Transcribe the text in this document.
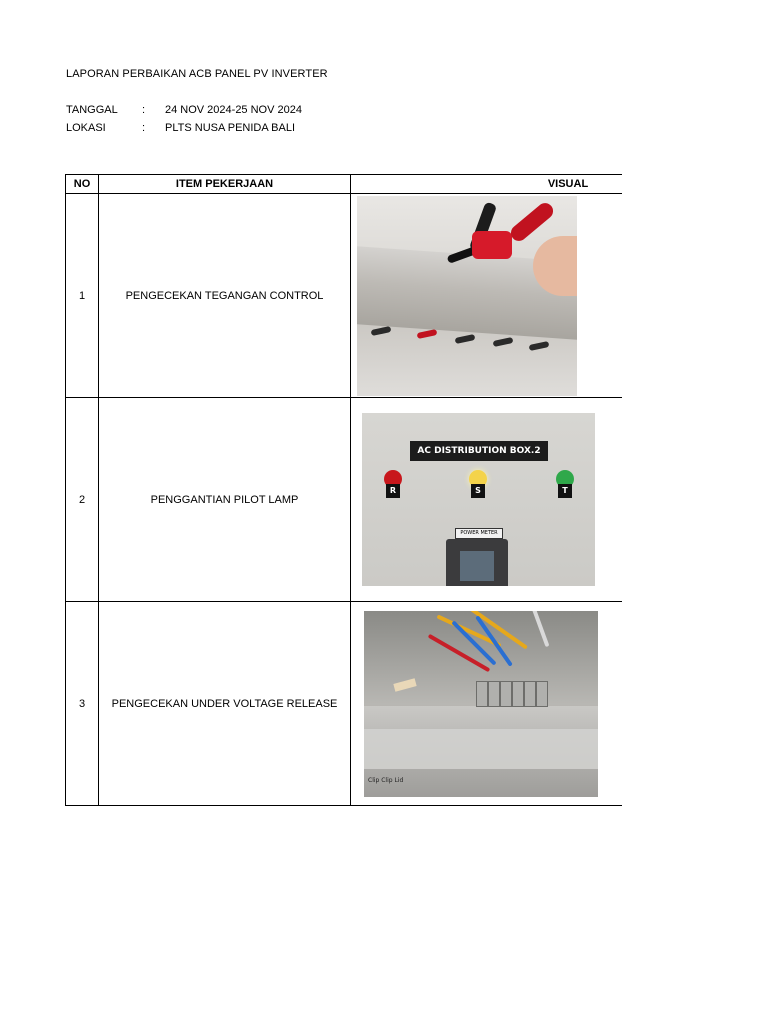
LAPORAN PERBAIKAN ACB PANEL PV INVERTER
TANGGAL	: 24 NOV 2024-25 NOV 2024
LOKASI	: PLTS NUSA PENIDA BALI
NO	ITEM PEKERJAAN	VISUAL
1	PENGECEKAN TEGANGAN CONTROL	

2	PENGGANTIAN PILOT LAMP	AC DISTRIBUTION BOX.2
R S T
POWER METER

3	PENGECEKAN UNDER VOLTAGE RELEASE	Clip Clip Lid
